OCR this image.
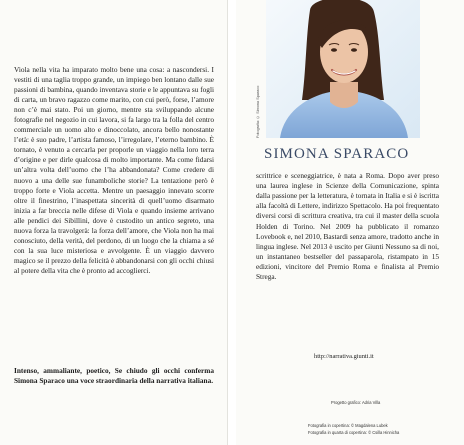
Viola nella vita ha imparato molto bene una cosa: a nascondersi. I vestiti di una taglia troppo grande, un impiego ben lontano dalle sue passioni di bambina, quando inventava storie e le appuntava su fogli di carta, un bravo ragazzo come marito, con cui però, forse, l’amore non c’è mai stato. Poi un giorno, mentre sta sviluppando alcune fotografie nel negozio in cui lavora, si fa largo tra la folla del centro commerciale un uomo alto e dinoccolato, ancora bello nonostante l’età: è suo padre, l’artista famoso, l’irregolare, l’eterno bambino. È tornato, è venuto a cercarla per proporle un viaggio nella loro terra d’origine e per dirle qualcosa di molto importante. Ma come fidarsi un’altra volta dell’uomo che l’ha abbandonata? Come credere di nuovo a una delle sue funamboliche storie? La tentazione però è troppo forte e Viola accetta. Mentre un paesaggio innevato scorre oltre il finestrino, l’inaspettata sincerità di quell’uomo disarmato inizia a far breccia nelle difese di Viola e quando insieme arrivano alle pendici dei Sibillini, dove è custodito un antico segreto, una nuova forza la travolgerà: la forza dell’amore, che Viola non ha mai conosciuto, della verità, del perdono, di un luogo che la chiama a sé con la sua luce misteriosa e avvolgente. È un viaggio davvero magico se il prezzo della felicità è abbandonarsi con gli occhi chiusi al potere della vita che è pronto ad accoglierci.

Intenso, ammaliante, poetico, Se chiudo gli occhi conferma Simona Sparaco una voce straordinaria della narrativa italiana.

Fotografia: © Simona Sparaco
SIMONA SPARACO

scrittrice e sceneggiatrice, è nata a Roma. Dopo aver preso una laurea inglese in Scienze della Comunicazione, spinta dalla passione per la letteratura, è tornata in Italia e si è iscritta alla facoltà di Lettere, indirizzo Spettacolo. Ha poi frequentato diversi corsi di scrittura creativa, tra cui il master della scuola Holden di Torino. Nel 2009 ha pubblicato il romanzo Lovebook e, nel 2010, Bastardi senza amore, tradotto anche in lingua inglese. Nel 2013 è uscito per Giunti Nessuno sa di noi, un instantaneo bestseller del passaparola, ristampato in 15 edizioni, vincitore del Premio Roma e finalista al Premio Strega.

http://narrativa.giunti.it
Progetto grafico: Adria Villa
Fotografia in copertina: © Magdalena Lubek
Fotografia in quarta di copertina: © Csilla Hinnicha
